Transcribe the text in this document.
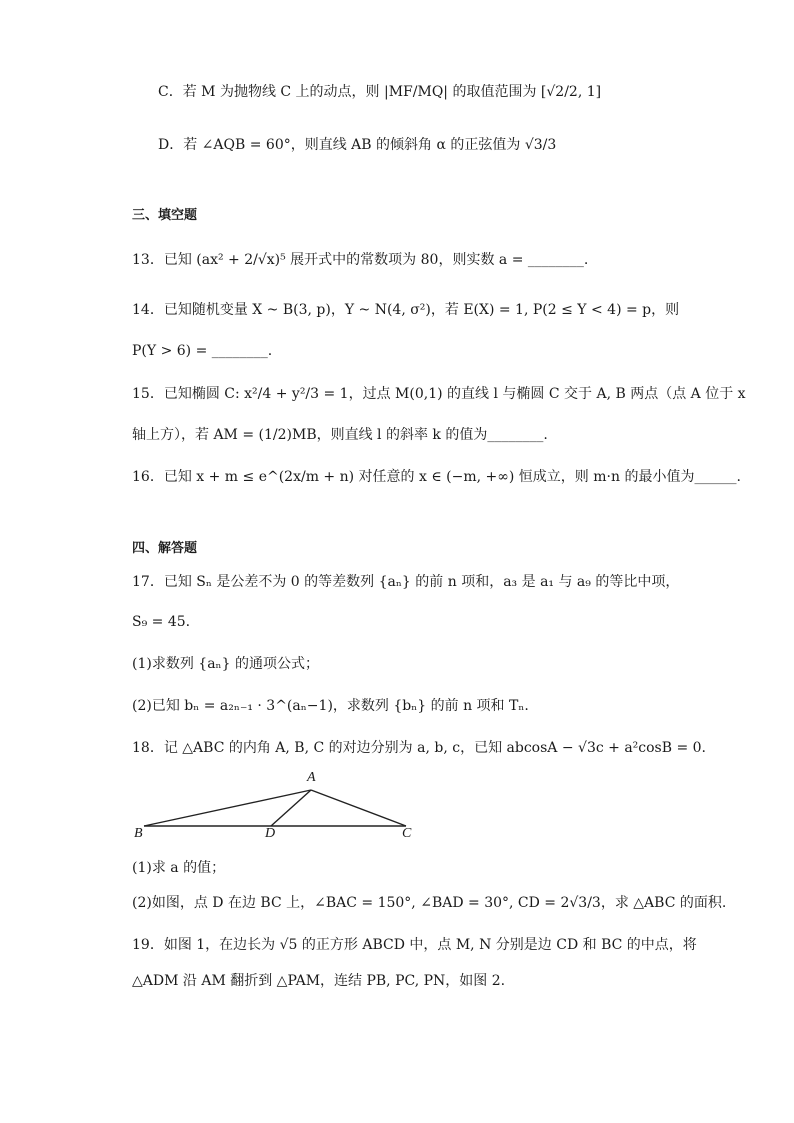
C．若 M 为抛物线 C 上的动点，则 |MF/MQ| 的取值范围为 [√2/2, 1]
D．若 ∠AQB = 60°，则直线 AB 的倾斜角 α 的正弦值为 √3/3
三、填空题
13．已知 (ax² + 2/√x)⁵ 展开式中的常数项为 80，则实数 a = ________.
14．已知随机变量 X ~ B(3, p)，Y ~ N(4, σ²)，若 E(X) = 1, P(2 ≤ Y < 4) = p，则
P(Y > 6) = ________.
15．已知椭圆 C: x²/4 + y²/3 = 1，过点 M(0,1) 的直线 l 与椭圆 C 交于 A, B 两点（点 A 位于 x
轴上方），若 AM = (1/2)MB，则直线 l 的斜率 k 的值为________.
16．已知 x + m ≤ e^(2x/m + n) 对任意的 x ∈ (−m, +∞) 恒成立，则 m·n 的最小值为______.
四、解答题
17．已知 Sₙ 是公差不为 0 的等差数列 {aₙ} 的前 n 项和，a₃ 是 a₁ 与 a₉ 的等比中项，
S₉ = 45.
(1)求数列 {aₙ} 的通项公式；
(2)已知 bₙ = a₂ₙ₋₁ · 3^(aₙ−1)，求数列 {bₙ} 的前 n 项和 Tₙ.
18．记 △ABC 的内角 A, B, C 的对边分别为 a, b, c，已知 abcosA − √3c + a²cosB = 0.
A
B	D	C
(1)求 a 的值；
(2)如图，点 D 在边 BC 上，∠BAC = 150°, ∠BAD = 30°, CD = 2√3/3，求 △ABC 的面积.
19．如图 1，在边长为 √5 的正方形 ABCD 中，点 M, N 分别是边 CD 和 BC 的中点，将
△ADM 沿 AM 翻折到 △PAM，连结 PB, PC, PN，如图 2.
